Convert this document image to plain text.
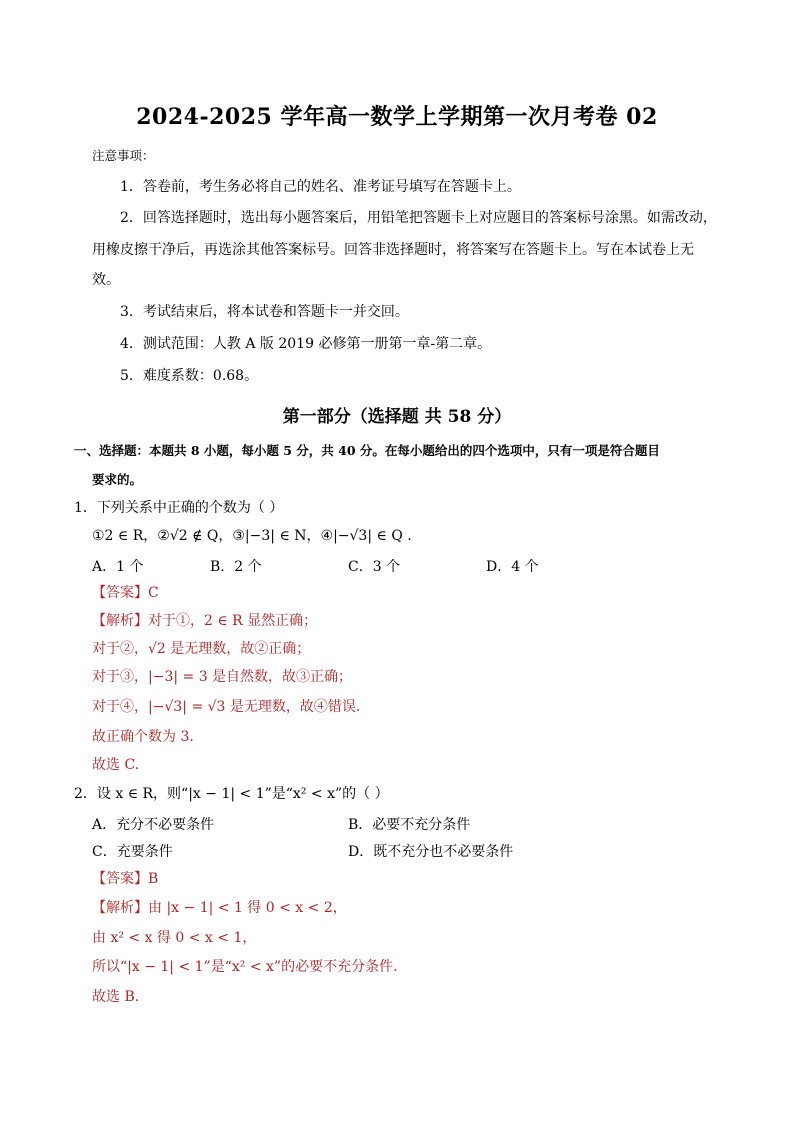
2024-2025 学年高一数学上学期第一次月考卷 02
注意事项：
1．答卷前，考生务必将自己的姓名、准考证号填写在答题卡上。
2．回答选择题时，选出每小题答案后，用铅笔把答题卡上对应题目的答案标号涂黑。如需改动，
用橡皮擦干净后，再选涂其他答案标号。回答非选择题时，将答案写在答题卡上。写在本试卷上无
效。
3．考试结束后，将本试卷和答题卡一并交回。
4．测试范围：人教 A 版 2019 必修第一册第一章-第二章。
5．难度系数：0.68。
第一部分（选择题 共 58 分）
一、选择题：本题共 8 小题，每小题 5 分，共 40 分。在每小题给出的四个选项中，只有一项是符合题目
要求的。
1．下列关系中正确的个数为（ ）
①2 ∈ R，②√2 ∉ Q，③|−3| ∈ N，④|−√3| ∈ Q .
A．1 个	B．2 个	C．3 个	D．4 个
【答案】C
【解析】对于①，2 ∈ R 显然正确；
对于②，√2 是无理数，故②正确；
对于③，|−3| = 3 是自然数，故③正确；
对于④，|−√3| = √3 是无理数，故④错误.
故正确个数为 3.
故选 C.
2．设 x ∈ R，则“|x − 1| < 1”是“x² < x”的（ ）
A．充分不必要条件	B．必要不充分条件
C．充要条件	D．既不充分也不必要条件
【答案】B
【解析】由 |x − 1| < 1 得 0 < x < 2，
由 x² < x 得 0 < x < 1，
所以“|x − 1| < 1”是“x² < x”的必要不充分条件.
故选 B.
